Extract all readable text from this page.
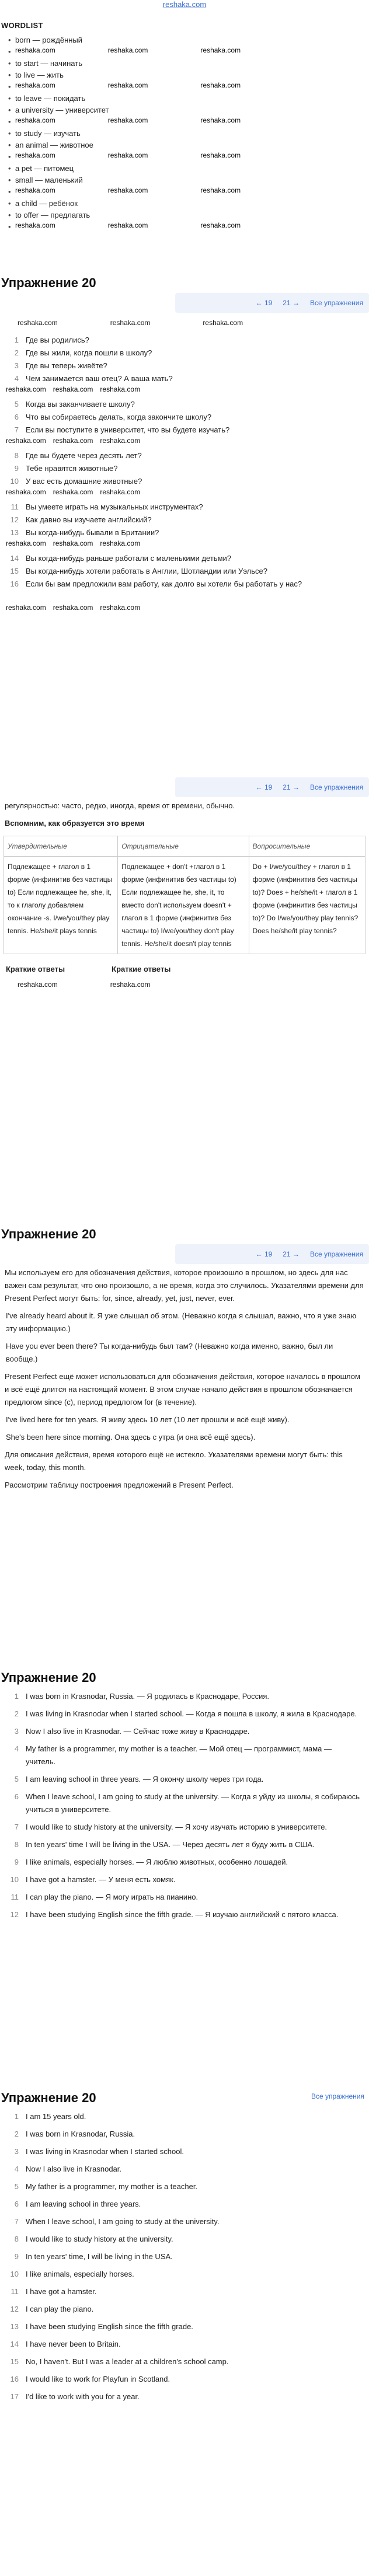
reshaka.com
WORDLIST
• born — рождённый
• reshaka.com	reshaka.com	reshaka.com
• to start — начинать
• to live — жить
• reshaka.com	reshaka.com	reshaka.com
• to leave — покидать
• a university — университет
• reshaka.com	reshaka.com	reshaka.com
• to study — изучать
• an animal — животное
• reshaka.com	reshaka.com	reshaka.com
• a pet — питомец
• small — маленький
• reshaka.com	reshaka.com	reshaka.com
• a child — ребёнок
• to offer — предлагать
• reshaka.com	reshaka.com	reshaka.com
Упражнение 20
← 19 21 → Все упражнения
reshaka.com	reshaka.com	reshaka.com
1 Где вы родились?
2 Где вы жили, когда пошли в школу?
3 Где вы теперь живёте?
4 Чем занимается ваш отец? А ваша мать?
reshaka.com reshaka.com reshaka.com
5 Когда вы заканчиваете школу?
6 Что вы собираетесь делать, когда закончите школу?
7 Если вы поступите в университет, что вы будете изучать?
reshaka.com reshaka.com reshaka.com
8 Где вы будете через десять лет?
9 Тебе нравятся животные?
10 У вас есть домашние животные?
reshaka.com reshaka.com reshaka.com
11 Вы умеете играть на музыкальных инструментах?
12 Как давно вы изучаете английский?
13 Вы когда-нибудь бывали в Британии?
reshaka.com reshaka.com reshaka.com
14 Вы когда-нибудь раньше работали с маленькими детьми?
15 Вы когда-нибудь хотели работать в Англии, Шотландии или Уэльсе?
16 Если бы вам предложили вам работу, как долго вы хотели бы работать у нас?
reshaka.com reshaka.com reshaka.com
← 19 21 → Все упражнения
регулярностью: часто, редко, иногда, время от времени, обычно.
Вспомним, как образуется это время
Утвердительные	Отрицательные	Вопросительные
Подлежащее + глагол в 1 форме (инфинитив без частицы to) Если подлежащее he, she, it, то к глаголу добавляем окончание -s. I/we/you/they play tennis. He/she/it plays tennis	Подлежащее + don't +глагол в 1 форме (инфинитив без частицы to) Если подлежащее he, she, it, то вместо don't используем doesn't + глагол в 1 форме (инфинитив без частицы to) I/we/you/they don't play tennis. He/she/it doesn't play tennis	Do + I/we/you/they + глагол в 1 форме (инфинитив без частицы to)? Does + he/she/it + глагол в 1 форме (инфинитив без частицы to)? Do I/we/you/they play tennis? Does he/she/it play tennis?
Краткие ответы	Краткие ответы
reshaka.com	reshaka.com
Упражнение 20
← 19 21 → Все упражнения
Мы используем его для обозначения действия, которое произошло в прошлом, но здесь для нас важен сам результат, что оно произошло, а не время, когда это случилось. Указателями времени для Present Perfect могут быть: for, since, already, yet, just, never, ever.
I've already heard about it. Я уже слышал об этом. (Неважно когда я слышал, важно, что я уже знаю эту информацию.)
Have you ever been there? Ты когда-нибудь был там? (Неважно когда именно, важно, был ли вообще.)
Present Perfect ещё может использоваться для обозначения действия, которое началось в прошлом и всё ещё длится на настоящий момент. В этом случае начало действия в прошлом обозначается предлогом since (с), период предлогом for (в течение).
I've lived here for ten years. Я живу здесь 10 лет (10 лет прошли и всё ещё живу).
She's been here since morning. Она здесь с утра (и она всё ещё здесь).
Для описания действия, время которого ещё не истекло. Указателями времени могут быть: this week, today, this month.
Рассмотрим таблицу построения предложений в Present Perfect.
Упражнение 20
1 I was born in Krasnodar, Russia. — Я родилась в Краснодаре, Россия.
2 I was living in Krasnodar when I started school. — Когда я пошла в школу, я жила в Краснодаре.
3 Now I also live in Krasnodar. — Сейчас тоже живу в Краснодаре.
4 My father is a programmer, my mother is a teacher. — Мой отец — программист, мама — учитель.
5 I am leaving school in three years. — Я окончу школу через три года.
6 When I leave school, I am going to study at the university. — Когда я уйду из школы, я собираюсь учиться в университете.
7 I would like to study history at the university. — Я хочу изучать историю в университете.
8 In ten years' time I will be living in the USA. — Через десять лет я буду жить в США.
9 I like animals, especially horses. — Я люблю животных, особенно лошадей.
10 I have got a hamster. — У меня есть хомяк.
11 I can play the piano. — Я могу играть на пианино.
12 I have been studying English since the fifth grade. — Я изучаю английский с пятого класса.
Упражнение 20	Все упражнения
1 I am 15 years old.
2 I was born in Krasnodar, Russia.
3 I was living in Krasnodar when I started school.
4 Now I also live in Krasnodar.
5 My father is a programmer, my mother is a teacher.
6 I am leaving school in three years.
7 When I leave school, I am going to study at the university.
8 I would like to study history at the university.
9 In ten years' time, I will be living in the USA.
10 I like animals, especially horses.
11 I have got a hamster.
12 I can play the piano.
13 I have been studying English since the fifth grade.
14 I have never been to Britain.
15 No, I haven't. But I was a leader at a children's school camp.
16 I would like to work for Playfun in Scotland.
17 I'd like to work with you for a year.
